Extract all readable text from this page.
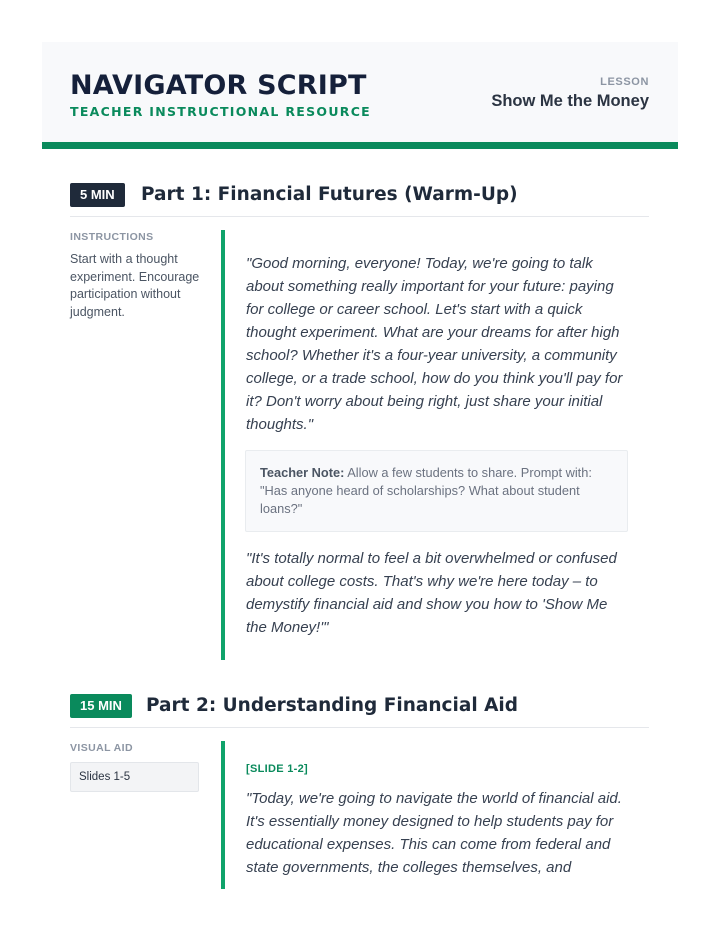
NAVIGATOR SCRIPT
TEACHER INSTRUCTIONAL RESOURCE
LESSON
Show Me the Money
5 MIN	Part 1: Financial Futures (Warm-Up)
INSTRUCTIONS
Start with a thought experiment. Encourage participation without judgment.

"Good morning, everyone! Today, we're going to talk about something really important for your future: paying for college or career school. Let's start with a quick thought experiment. What are your dreams for after high school? Whether it's a four-year university, a community college, or a trade school, how do you think you'll pay for it? Don't worry about being right, just share your initial thoughts."

Teacher Note: Allow a few students to share. Prompt with: "Has anyone heard of scholarships? What about student loans?"

"It's totally normal to feel a bit overwhelmed or confused about college costs. That's why we're here today – to demystify financial aid and show you how to 'Show Me the Money!'"

15 MIN	Part 2: Understanding Financial Aid
VISUAL AID
Slides 1-5
[SLIDE 1-2]

"Today, we're going to navigate the world of financial aid. It's essentially money designed to help students pay for educational expenses. This can come from federal and state governments, the colleges themselves, and
